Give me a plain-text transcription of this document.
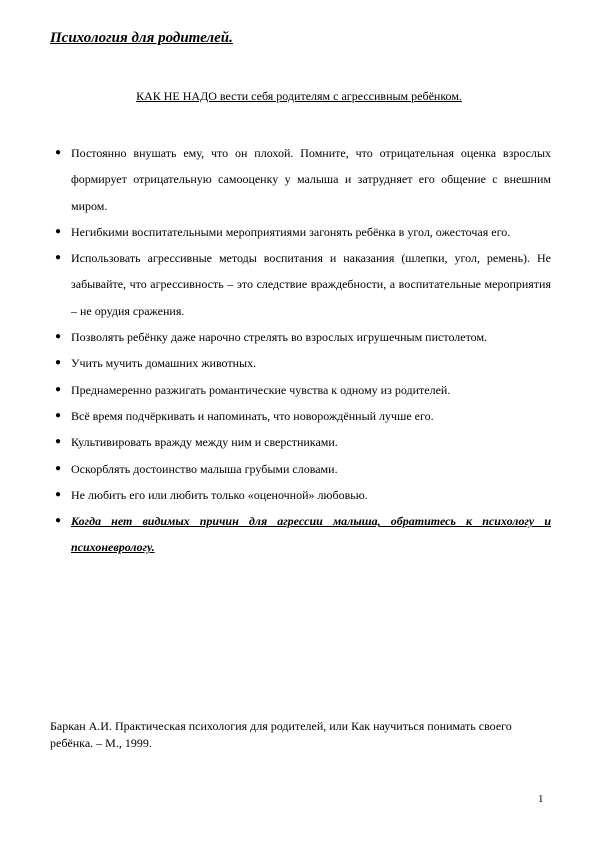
Психология для родителей.

КАК НЕ НАДО вести себя родителям с агрессивным ребёнком.

● Постоянно внушать ему, что он плохой. Помните, что отрицательная оценка взрослых формирует отрицательную самооценку у малыша и затрудняет его общение с внешним миром.
● Негибкими воспитательными мероприятиями загонять ребёнка в угол, ожесточая его.
● Использовать агрессивные методы воспитания и наказания (шлепки, угол, ремень). Не забывайте, что агрессивность – это следствие враждебности, а воспитательные мероприятия – не орудия сражения.
● Позволять ребёнку даже нарочно стрелять во взрослых игрушечным пистолетом.
● Учить мучить домашних животных.
● Преднамеренно разжигать романтические чувства к одному из родителей.
● Всё время подчёркивать и напоминать, что новорождённый лучше его.
● Культивировать вражду между ним и сверстниками.
● Оскорблять достоинство малыша грубыми словами.
● Не любить его или любить только «оценочной» любовью.
● Когда нет видимых причин для агрессии малыша, обратитесь к психологу и психоневрологу.

Баркан А.И. Практическая психология для родителей, или Как научиться понимать своего ребёнка. – М., 1999.

1
